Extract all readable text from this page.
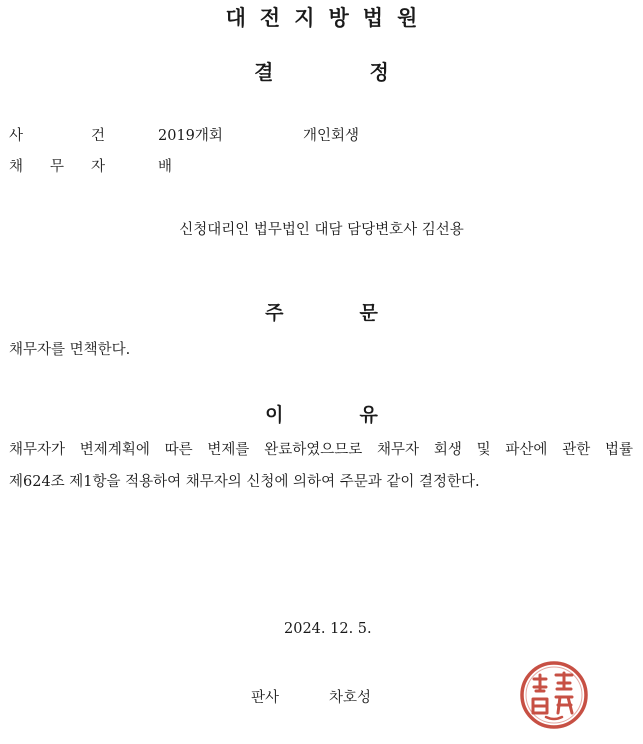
대전지방법원
결	정
사	건	2019개회	개인회생
채 무 자	배
신청대리인 법무법인 대담 담당변호사 김선용
주	문
채무자를 면책한다.
이	유
채무자가 변제계획에 따른 변제를 완료하였으므로 채무자 회생 및 파산에 관한 법률
제624조 제1항을 적용하여 채무자의 신청에 의하여 주문과 같이 결정한다.
2024. 12. 5.
판사	차호성
